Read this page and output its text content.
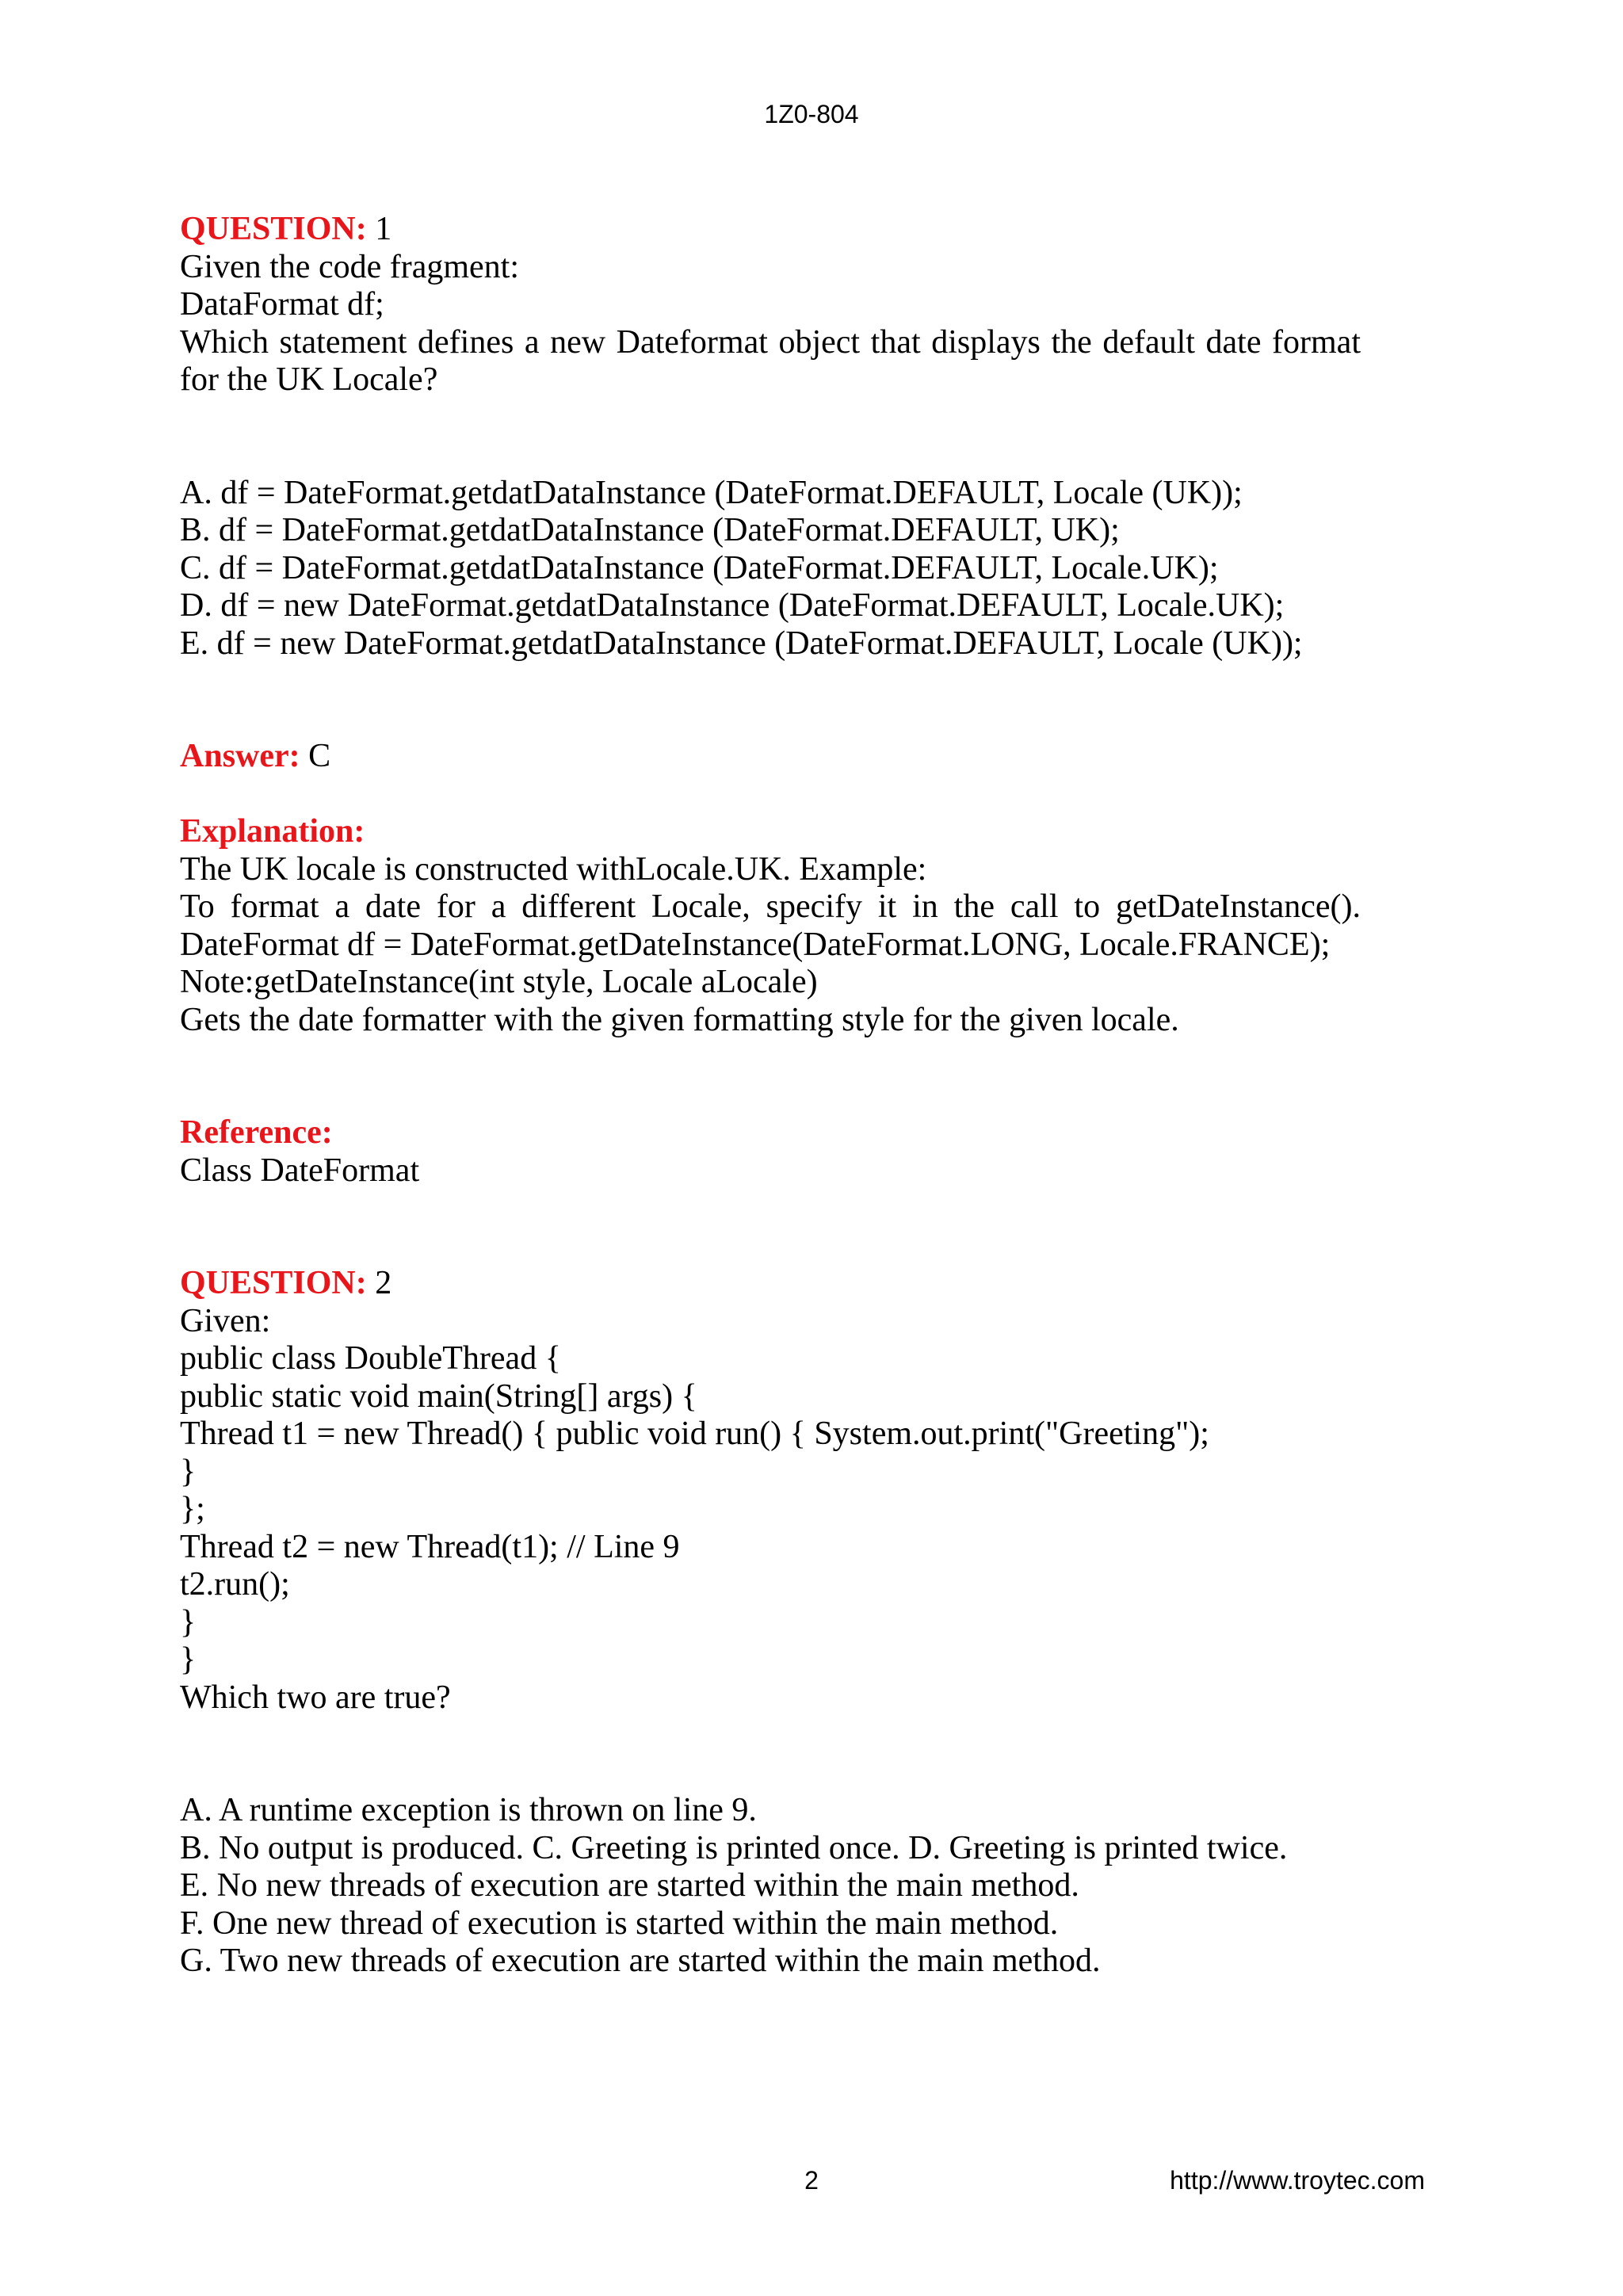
1Z0-804
QUESTION: 1
Given the code fragment:
DataFormat df;
Which statement defines a new Dateformat object that displays the default date format
for the UK Locale?
A. df = DateFormat.getdatDataInstance (DateFormat.DEFAULT, Locale (UK));
B. df = DateFormat.getdatDataInstance (DateFormat.DEFAULT, UK);
C. df = DateFormat.getdatDataInstance (DateFormat.DEFAULT, Locale.UK);
D. df = new DateFormat.getdatDataInstance (DateFormat.DEFAULT, Locale.UK);
E. df = new DateFormat.getdatDataInstance (DateFormat.DEFAULT, Locale (UK));
Answer: C
Explanation:
The UK locale is constructed withLocale.UK. Example:
To format a date for a different Locale, specify it in the call to getDateInstance().
DateFormat df = DateFormat.getDateInstance(DateFormat.LONG, Locale.FRANCE);
Note:getDateInstance(int style, Locale aLocale)
Gets the date formatter with the given formatting style for the given locale.
Reference:
Class DateFormat
QUESTION: 2
Given:
public class DoubleThread {
public static void main(String[] args) {
Thread t1 = new Thread() { public void run() { System.out.print("Greeting");
}
};
Thread t2 = new Thread(t1); // Line 9
t2.run();
}
}
Which two are true?
A. A runtime exception is thrown on line 9.
B. No output is produced. C. Greeting is printed once. D. Greeting is printed twice.
E. No new threads of execution are started within the main method.
F. One new thread of execution is started within the main method.
G. Two new threads of execution are started within the main method.
2	http://www.troytec.com
